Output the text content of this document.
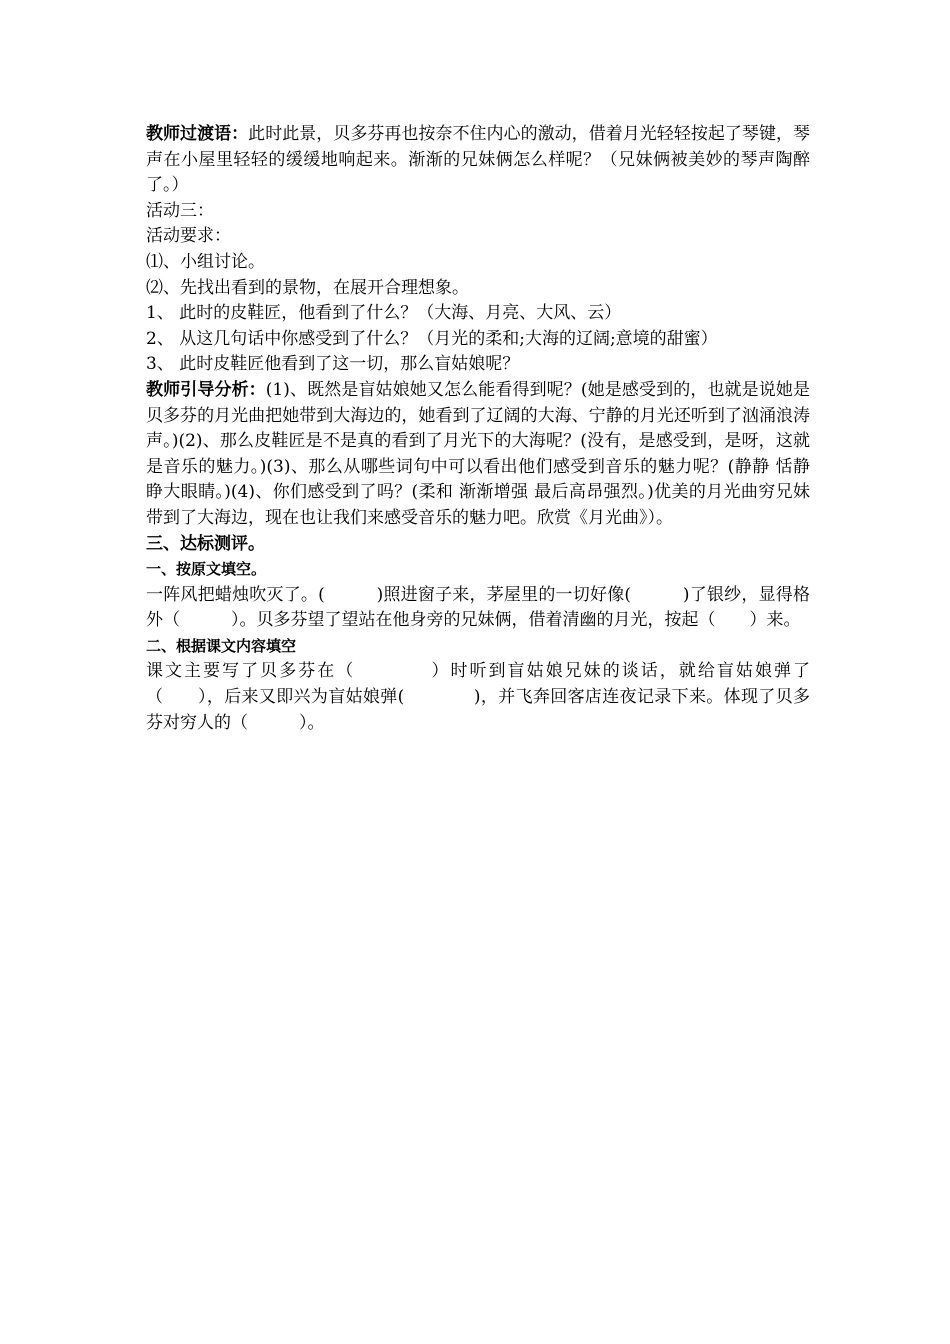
教师过渡语：此时此景，贝多芬再也按奈不住内心的激动，借着月光轻轻按起了琴键，琴声在小屋里轻轻的缓缓地响起来。渐渐的兄妹俩怎么样呢？（兄妹俩被美妙的琴声陶醉了。）

活动三：

活动要求：

⑴、小组讨论。

⑵、先找出看到的景物，在展开合理想象。

1、 此时的皮鞋匠，他看到了什么？（大海、月亮、大风、云）

2、 从这几句话中你感受到了什么？（月光的柔和;大海的辽阔;意境的甜蜜）

3、 此时皮鞋匠他看到了这一切，那么盲姑娘呢？

教师引导分析：(1)、既然是盲姑娘她又怎么能看得到呢？(她是感受到的，也就是说她是贝多芬的月光曲把她带到大海边的，她看到了辽阔的大海、宁静的月光还听到了汹涌浪涛声。)(2)、那么皮鞋匠是不是真的看到了月光下的大海呢？(没有，是感受到，是呀，这就是音乐的魅力。)(3)、那么从哪些词句中可以看出他们感受到音乐的魅力呢？(静静 恬静 睁大眼睛。)(4)、你们感受到了吗？(柔和 渐渐增强 最后高昂强烈。)优美的月光曲穷兄妹带到了大海边，现在也让我们来感受音乐的魅力吧。欣赏《月光曲》）。

三、达标测评。

一、按原文填空。

一阵风把蜡烛吹灭了。(　　　)照进窗子来，茅屋里的一切好像(　　　)了银纱，显得格外（　　　）。贝多芬望了望站在他身旁的兄妹俩，借着清幽的月光，按起（　　）来。

二、根据课文内容填空

课文主要写了贝多芬在（　　　　）时听到盲姑娘兄妹的谈话，就给盲姑娘弹了（　　），后来又即兴为盲姑娘弹(　　　　)，并飞奔回客店连夜记录下来。体现了贝多芬对穷人的（　　　）。
